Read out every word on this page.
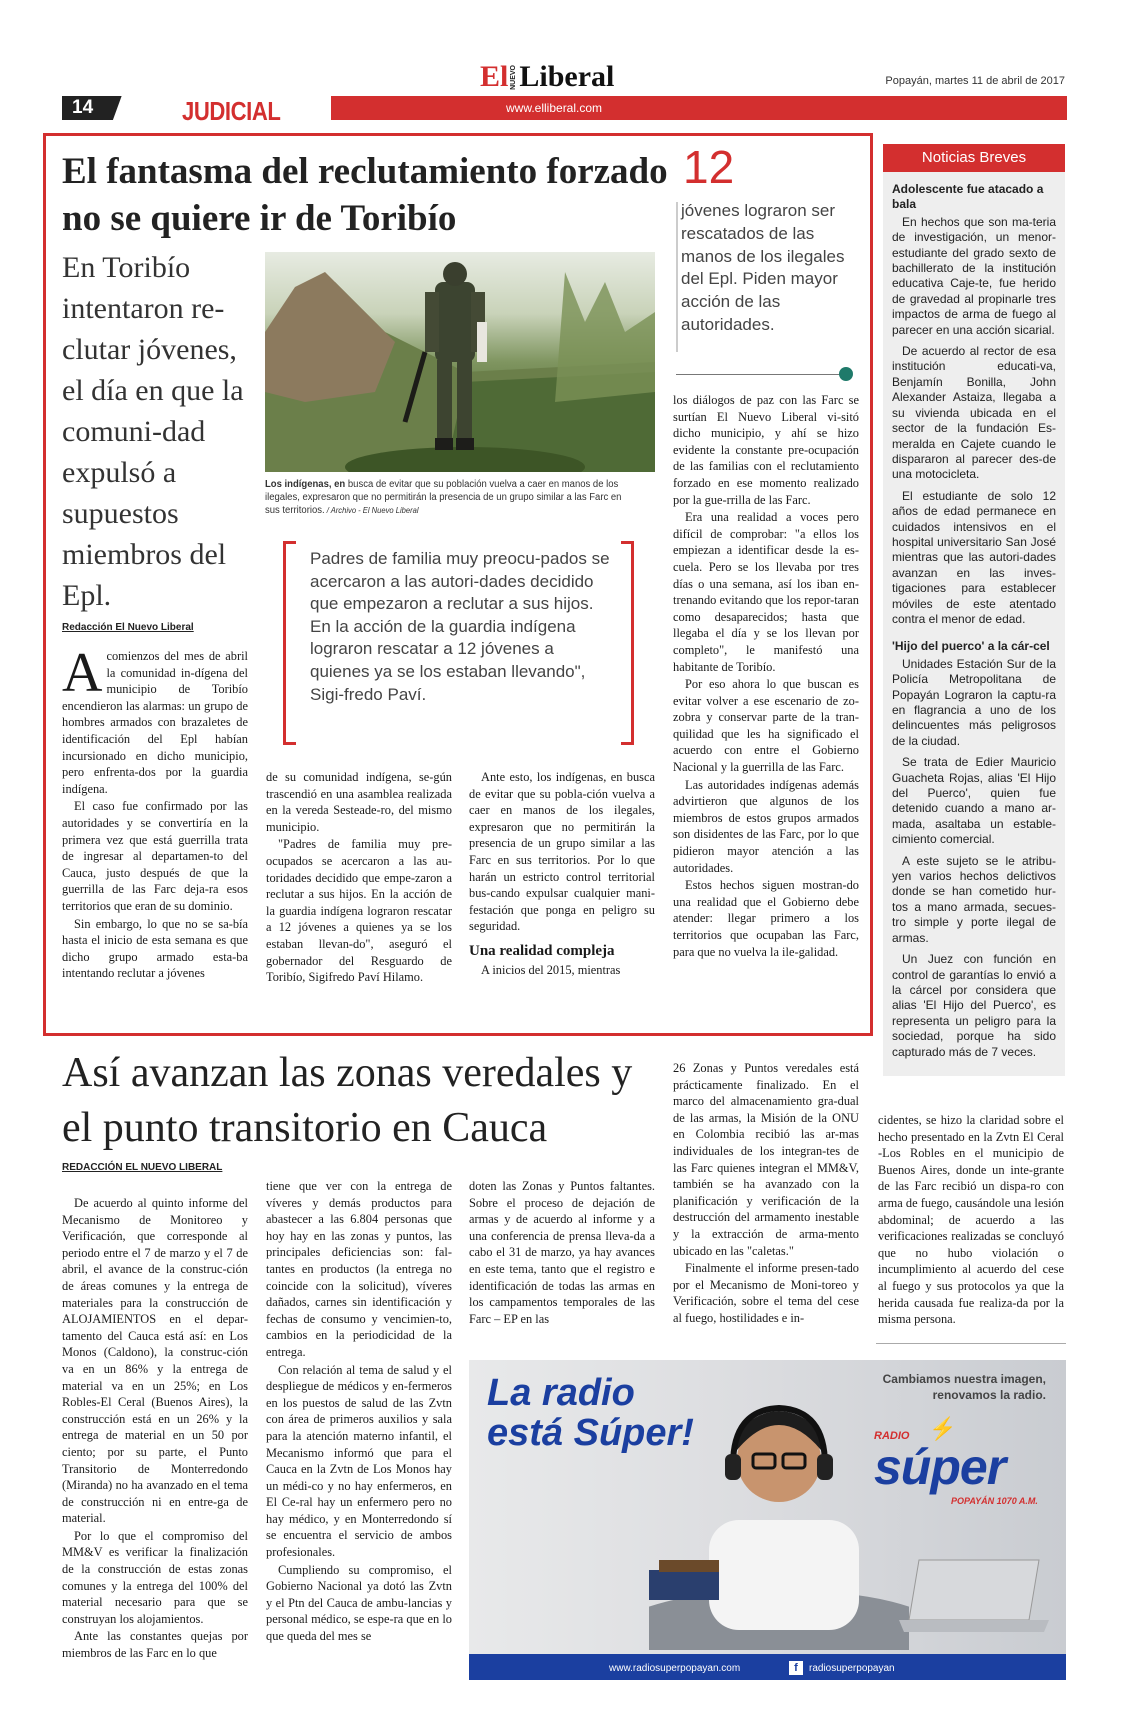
El NUEVO Liberal	Popayán, martes 11 de abril de 2017
14	JUDICIAL	www.elliberal.com
El fantasma del reclutamiento forzado no se quiere ir de Toribío
En Toribío intentaron re-clutar jóvenes, el día en que la comuni-dad expulsó a supuestos miembros del Epl.
Redacción El Nuevo Liberal
Los indígenas, en busca de evitar que su población vuelva a caer en manos de los ilegales, expresaron que no permitirán la presencia de un grupo similar a las Farc en sus territorios. / Archivo - El Nuevo Liberal
12
jóvenes lograron ser rescatados de las manos de los ilegales del Epl. Piden mayor acción de las autoridades.
Padres de familia muy preocu-pados se acercaron a las autori-dades decidido que empezaron a reclutar a sus hijos. En la acción de la guardia indígena lograron rescatar a 12 jóvenes a quienes ya se los estaban llevando", Sigi-fredo Paví.

Acomienzos del mes de abril la comunidad in-dígena del municipio de Toribío encendieron las alarmas: un grupo de hombres armados con brazaletes de identificación del Epl habían incursionado en dicho municipio, pero enfrenta-dos por la guardia indígena.

El caso fue confirmado por las autoridades y se convertiría en la primera vez que está guerrilla trata de ingresar al departamen-to del Cauca, justo después de que la guerrilla de las Farc deja-ra esos territorios que eran de su dominio.

Sin embargo, lo que no se sa-bía hasta el inicio de esta semana es que dicho grupo armado esta-ba intentando reclutar a jóvenes

de su comunidad indígena, se-gún trascendió en una asamblea realizada en la vereda Sesteade-ro, del mismo municipio.

"Padres de familia muy pre-ocupados se acercaron a las au-toridades decidido que empe-zaron a reclutar a sus hijos. En la acción de la guardia indígena lograron rescatar a 12 jóvenes a quienes ya se los estaban llevan-do", aseguró el gobernador del Resguardo de Toribío, Sigifredo Paví Hilamo.

Ante esto, los indígenas, en busca de evitar que su pobla-ción vuelva a caer en manos de los ilegales, expresaron que no permitirán la presencia de un grupo similar a las Farc en sus territorios. Por lo que harán un estricto control territorial bus-cando expulsar cualquier mani-festación que ponga en peligro su seguridad.

Una realidad compleja

A inicios del 2015, mientras

los diálogos de paz con las Farc se surtían El Nuevo Liberal vi-sitó dicho municipio, y ahí se hizo evidente la constante pre-ocupación de las familias con el reclutamiento forzado en ese momento realizado por la gue-rrilla de las Farc.

Era una realidad a voces pero difícil de comprobar: "a ellos los empiezan a identificar desde la es-cuela. Pero se los llevaba por tres días o una semana, así los iban en-trenando evitando que los repor-taran como desaparecidos; hasta que llegaba el día y se los llevan por completo", le manifestó una habitante de Toribío.

Por eso ahora lo que buscan es evitar volver a ese escenario de zo-zobra y conservar parte de la tran-quilidad que les ha significado el acuerdo con entre el Gobierno Nacional y la guerrilla de las Farc.

Las autoridades indígenas además advirtieron que algunos de los miembros de estos grupos armados son disidentes de las Farc, por lo que pidieron mayor atención a las autoridades.

Estos hechos siguen mostran-do una realidad que el Gobierno debe atender: llegar primero a los territorios que ocupaban las Farc, para que no vuelva la ile-galidad.

Noticias Breves
Adolescente fue atacado a bala

En hechos que son ma-teria de investigación, un menor-estudiante del grado sexto de bachillerato de la institución educativa Caje-te, fue herido de gravedad al propinarle tres impactos de arma de fuego al parecer en una acción sicarial.

De acuerdo al rector de esa institución educati-va, Benjamín Bonilla, John Alexander Astaiza, llegaba a su vivienda ubicada en el sector de la fundación Es-meralda en Cajete cuando le dispararon al parecer des-de una motocicleta.

El estudiante de solo 12 años de edad permanece en cuidados intensivos en el hospital universitario San José mientras que las autori-dades avanzan en las inves-tigaciones para establecer móviles de este atentado contra el menor de edad.

'Hijo del puerco' a la cár-cel

Unidades Estación Sur de la Policía Metropolitana de Popayán Lograron la captu-ra en flagrancia a uno de los delincuentes más peligrosos de la ciudad.

Se trata de Edier Mauricio Guacheta Rojas, alias 'El Hijo del Puerco', quien fue detenido cuando a mano ar-mada, asaltaba un estable-cimiento comercial.

A este sujeto se le atribu-yen varios hechos delictivos donde se han cometido hur-tos a mano armada, secues-tro simple y porte ilegal de armas.

Un Juez con función en control de garantías lo envió a la cárcel por considera que alias 'El Hijo del Puerco', es representa un peligro para la sociedad, porque ha sido capturado más de 7 veces.

Así avanzan las zonas veredales y el punto transitorio en Cauca
REDACCIÓN EL NUEVO LIBERAL

De acuerdo al quinto informe del Mecanismo de Monitoreo y Verificación, que corresponde al periodo entre el 7 de marzo y el 7 de abril, el avance de la construc-ción de áreas comunes y la entrega de materiales para la construcción de ALOJAMIENTOS en el depar-tamento del Cauca está así: en Los Monos (Caldono), la construc-ción va en un 86% y la entrega de material va en un 25%; en Los Robles-El Ceral (Buenos Aires), la construcción está en un 26% y la entrega de material en un 50 por ciento; por su parte, el Punto Transitorio de Monterredondo (Miranda) no ha avanzado en el tema de construcción ni en entre-ga de material.

Por lo que el compromiso del MM&V es verificar la finalización de la construcción de estas zonas comunes y la entrega del 100% del material necesario para que se construyan los alojamientos.

Ante las constantes quejas por miembros de las Farc en lo que

tiene que ver con la entrega de víveres y demás productos para abastecer a las 6.804 personas que hoy hay en las zonas y puntos, las principales deficiencias son: fal-tantes en productos (la entrega no coincide con la solicitud), víveres dañados, carnes sin identificación y fechas de consumo y vencimien-to, cambios en la periodicidad de la entrega.

Con relación al tema de salud y el despliegue de médicos y en-fermeros en los puestos de salud de las Zvtn con área de primeros auxilios y sala para la atención materno infantil, el Mecanismo informó que para el Cauca en la Zvtn de Los Monos hay un médi-co y no hay enfermeros, en El Ce-ral hay un enfermero pero no hay médico, y en Monterredondo sí se encuentra el servicio de ambos profesionales.

Cumpliendo su compromiso, el Gobierno Nacional ya dotó las Zvtn y el Ptn del Cauca de ambu-lancias y personal médico, se espe-ra que en lo que queda del mes se

doten las Zonas y Puntos faltantes. Sobre el proceso de dejación de armas y de acuerdo al informe y a una conferencia de prensa lleva-da a cabo el 31 de marzo, ya hay avances en este tema, tanto que el registro e identificación de todas las armas en los campamentos temporales de las Farc – EP en las

26 Zonas y Puntos veredales está prácticamente finalizado. En el marco del almacenamiento gra-dual de las armas, la Misión de la ONU en Colombia recibió las ar-mas individuales de los integran-tes de las Farc quienes integran el MM&V, también se ha avanzado con la planificación y verificación de la destrucción del armamento inestable y la extracción de arma-mento ubicado en las "caletas."

Finalmente el informe presen-tado por el Mecanismo de Moni-toreo y Verificación, sobre el tema del cese al fuego, hostilidades e in-

cidentes, se hizo la claridad sobre el hecho presentado en la Zvtn El Ceral -Los Robles en el municipio de Buenos Aires, donde un inte-grante de las Farc recibió un dispa-ro con arma de fuego, causándole una lesión abdominal; de acuerdo a las verificaciones realizadas se concluyó que no hubo violación o incumplimiento al acuerdo del cese al fuego y sus protocolos ya que la herida causada fue realiza-da por la misma persona.

La radio
está Súper!
Cambiamos nuestra imagen,
renovamos la radio.
RADIO ⚡
súper
POPAYÁN 1070 A.M.
www.radiosuperpopayan.com	f	radiosuperpopayan
